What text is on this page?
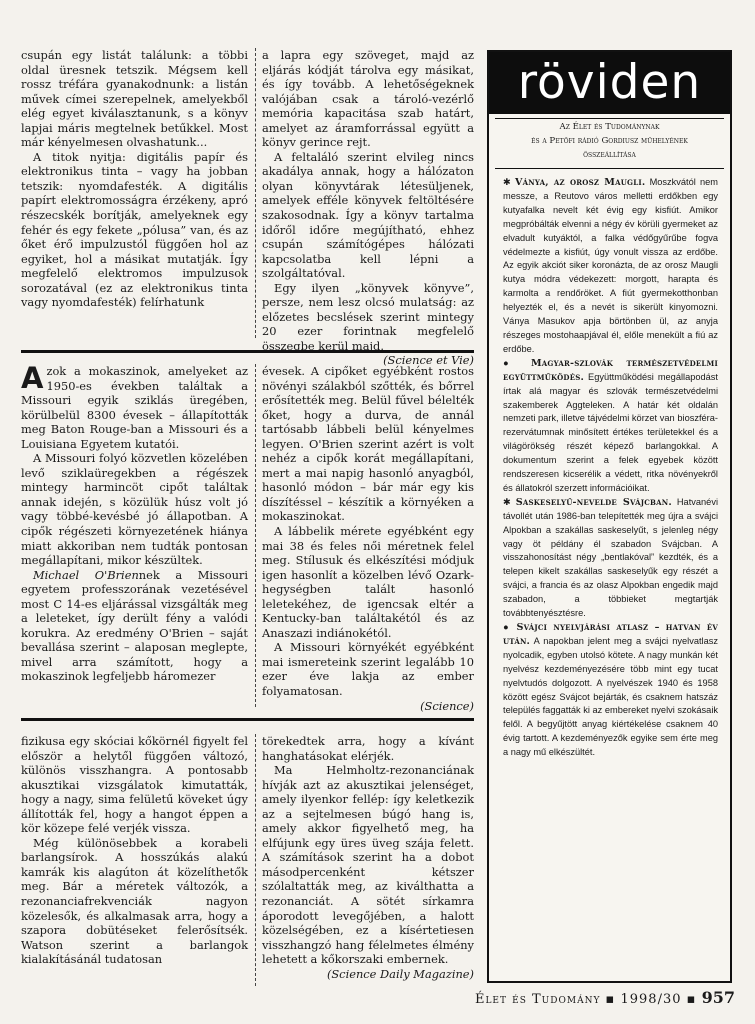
csupán egy listát találunk: a többi oldal üresnek tetszik. Mégsem kell rossz tréfára gyanakodnunk: a listán művek címei szerepelnek, amelyekből elég egyet kiválasztanunk, s a könyv lapjai máris megtelnek betűkkel. Most már kényelmesen olvashatunk...

A titok nyitja: digitális papír és elektronikus tinta – vagy ha jobban tetszik: nyomdafesték. A digitális papírt elektromosságra érzékeny, apró részecskék borítják, amelyeknek egy fehér és egy fekete „pólusa” van, és az őket érő impulzustól függően hol az egyiket, hol a másikat mutatják. Így megfelelő elektromos impulzusok sorozatával (ez az elektronikus tinta vagy nyomdafesték) felírhatunk

a lapra egy szöveget, majd az eljárás kódját tárolva egy másikat, és így tovább. A lehetőségeknek valójában csak a tároló-vezérlő memória kapacitása szab határt, amelyet az áramforrással együtt a könyv gerince rejt.

A feltaláló szerint elvileg nincs akadálya annak, hogy a hálózaton olyan könyvtárak létesüljenek, amelyek efféle könyvek feltöltésére szakosodnak. Így a könyv tartalma időről időre megújítható, ehhez csupán számítógépes hálózati kapcsolatba kell lépni a szolgáltatóval.

Egy ilyen „könyvek könyve”, persze, nem lesz olcsó mulatság: az előzetes becslések szerint mintegy 20 ezer forintnak megfelelő összegbe kerül majd.

(Science et Vie)

Azok a mokaszinok, amelyeket az 1950-es években találtak a Missouri egyik sziklás üregében, körülbelül 8300 évesek – állapították meg Baton Rouge-ban a Missouri és a Louisiana Egyetem kutatói.

A Missouri folyó közvetlen közelében levő sziklaüregekben a régészek mintegy harmincöt cipőt találtak annak idején, s közülük húsz volt jó vagy többé-kevésbé jó állapotban. A cipők régészeti környezetének hiánya miatt akkoriban nem tudták pontosan megállapítani, mikor készültek.

Michael O'Briennek a Missouri egyetem professzorának vezetésével most C 14-es eljárással vizsgálták meg a leleteket, így derült fény a valódi korukra. Az eredmény O'Brien – saját bevallása szerint – alaposan meglepte, mivel arra számított, hogy a mokaszinok legfeljebb háromezer

évesek. A cipőket egyébként rostos növényi szálakból szőtték, és bőrrel erősítették meg. Belül fűvel bélelték őket, hogy a durva, de annál tartósabb lábbeli belül kényelmes legyen. O'Brien szerint azért is volt nehéz a cipők korát megállapítani, mert a mai napig hasonló anyagból, hasonló módon – bár már egy kis díszítéssel – készítik a környéken a mokaszinokat.

A lábbelik mérete egyébként egy mai 38 és feles női méretnek felel meg. Stílusuk és elkészítési módjuk igen hasonlít a közelben lévő Ozark-hegységben talált hasonló leletekéhez, de igencsak eltér a Kentucky-ban találtakétól és az Anaszazi indiánokétól.

A Missouri környékét egyébként mai ismereteink szerint legalább 10 ezer éve lakja az ember folyamatosan.

(Science)

fizikusa egy skóciai kőkörnél figyelt fel először a helytől függően változó, különös visszhangra. A pontosabb akusztikai vizsgálatok kimutatták, hogy a nagy, sima felületű köveket úgy állították fel, hogy a hangot éppen a kör közepe felé verjék vissza.

Még különösebbek a korabeli barlangsírok. A hosszúkás alakú kamrák kis alagúton át közelíthetők meg. Bár a méretek változók, a rezonanciafrekvenciák nagyon közelesők, és alkalmasak arra, hogy a szapora dobütéseket felerősítsék. Watson szerint a barlangok kialakításánál tudatosan

törekedtek arra, hogy a kívánt hanghatásokat elérjék.

Ma Helmholtz-rezonanciának hívják azt az akusztikai jelenséget, amely ilyenkor fellép: így keletkezik az a sejtelmesen búgó hang is, amely akkor figyelhető meg, ha elfújunk egy üres üveg szája felett. A számítások szerint ha a dobot másodpercenként kétszer szólaltatták meg, az kiválthatta a rezonanciát. A sötét sírkamra áporodott levegőjében, a halott közelségében, ez a kísértetiesen visszhangzó hang félelmetes élmény lehetett a kőkorszaki embernek.

(Science Daily Magazine)
röviden
Az Élet és Tudománynak
és a Petőfi rádió Gordiusz műhelyének
összeállítása

✱ Ványa, az orosz Maugli. Moszkvától nem messze, a Reutovo város melletti erdőkben egy kutyafalka nevelt két évig egy kisfiút. Amikor megpróbálták elvenni a négy év körüli gyermeket az elvadult kutyáktól, a falka védőgyűrűbe fogva védelmezte a kisfiút, úgy vonult vissza az erdőbe. Az egyik akciót siker koronázta, de az orosz Maugli kutya módra védekezett: morgott, harapta és karmolta a rendőröket. A fiút gyermekotthonban helyezték el, és a nevét is sikerült kinyomozni. Ványa Masukov apja börtönben ül, az anyja részeges mostohaapjával él, előle menekült a fiú az erdőbe.

● Magyar-szlovák természetvédelmi együttműködés. Együttműködési megállapodást írtak alá magyar és szlovák természetvédelmi szakemberek Aggteleken. A határ két oldalán nemzeti park, illetve tájvédelmi körzet van bioszféra-rezervátumnak minősített értékes területekkel és a világörökség részét képező barlangokkal. A dokumentum szerint a felek egyebek között rendszeresen kicserélik a védett, ritka növényekről és állatokról szerzett információikat.

✱ Saskeselyű-nevelde Svájcban. Hatvanévi távollét után 1986-ban telepítették meg újra a svájci Alpokban a szakállas saskeselyűt, s jelenleg négy vagy öt példány él szabadon Svájcban. A visszahonosítást négy „bentlakóval” kezdték, és a telepen kikelt szakállas saskeselyűk egy részét a svájci, a francia és az olasz Alpokban engedik majd szabadon, a többieket megtartják továbbtenyésztésre.

● Svájci nyelvjárási atlasz – hatvan év után. A napokban jelent meg a svájci nyelvatlasz nyolcadik, egyben utolsó kötete. A nagy munkán két nyelvész kezdeményezésére több mint egy tucat nyelvtudós dolgozott. A nyelvészek 1940 és 1958 között egész Svájcot bejárták, és csaknem hatszáz település faggatták ki az embereket nyelvi szokásaik felől. A begyűjtött anyag kiértékelése csaknem 40 évig tartott. A kezdeményezők egyike sem érte meg a nagy mű elkészültét.

Élet és Tudomány ▪ 1998/30 ▪ 957
